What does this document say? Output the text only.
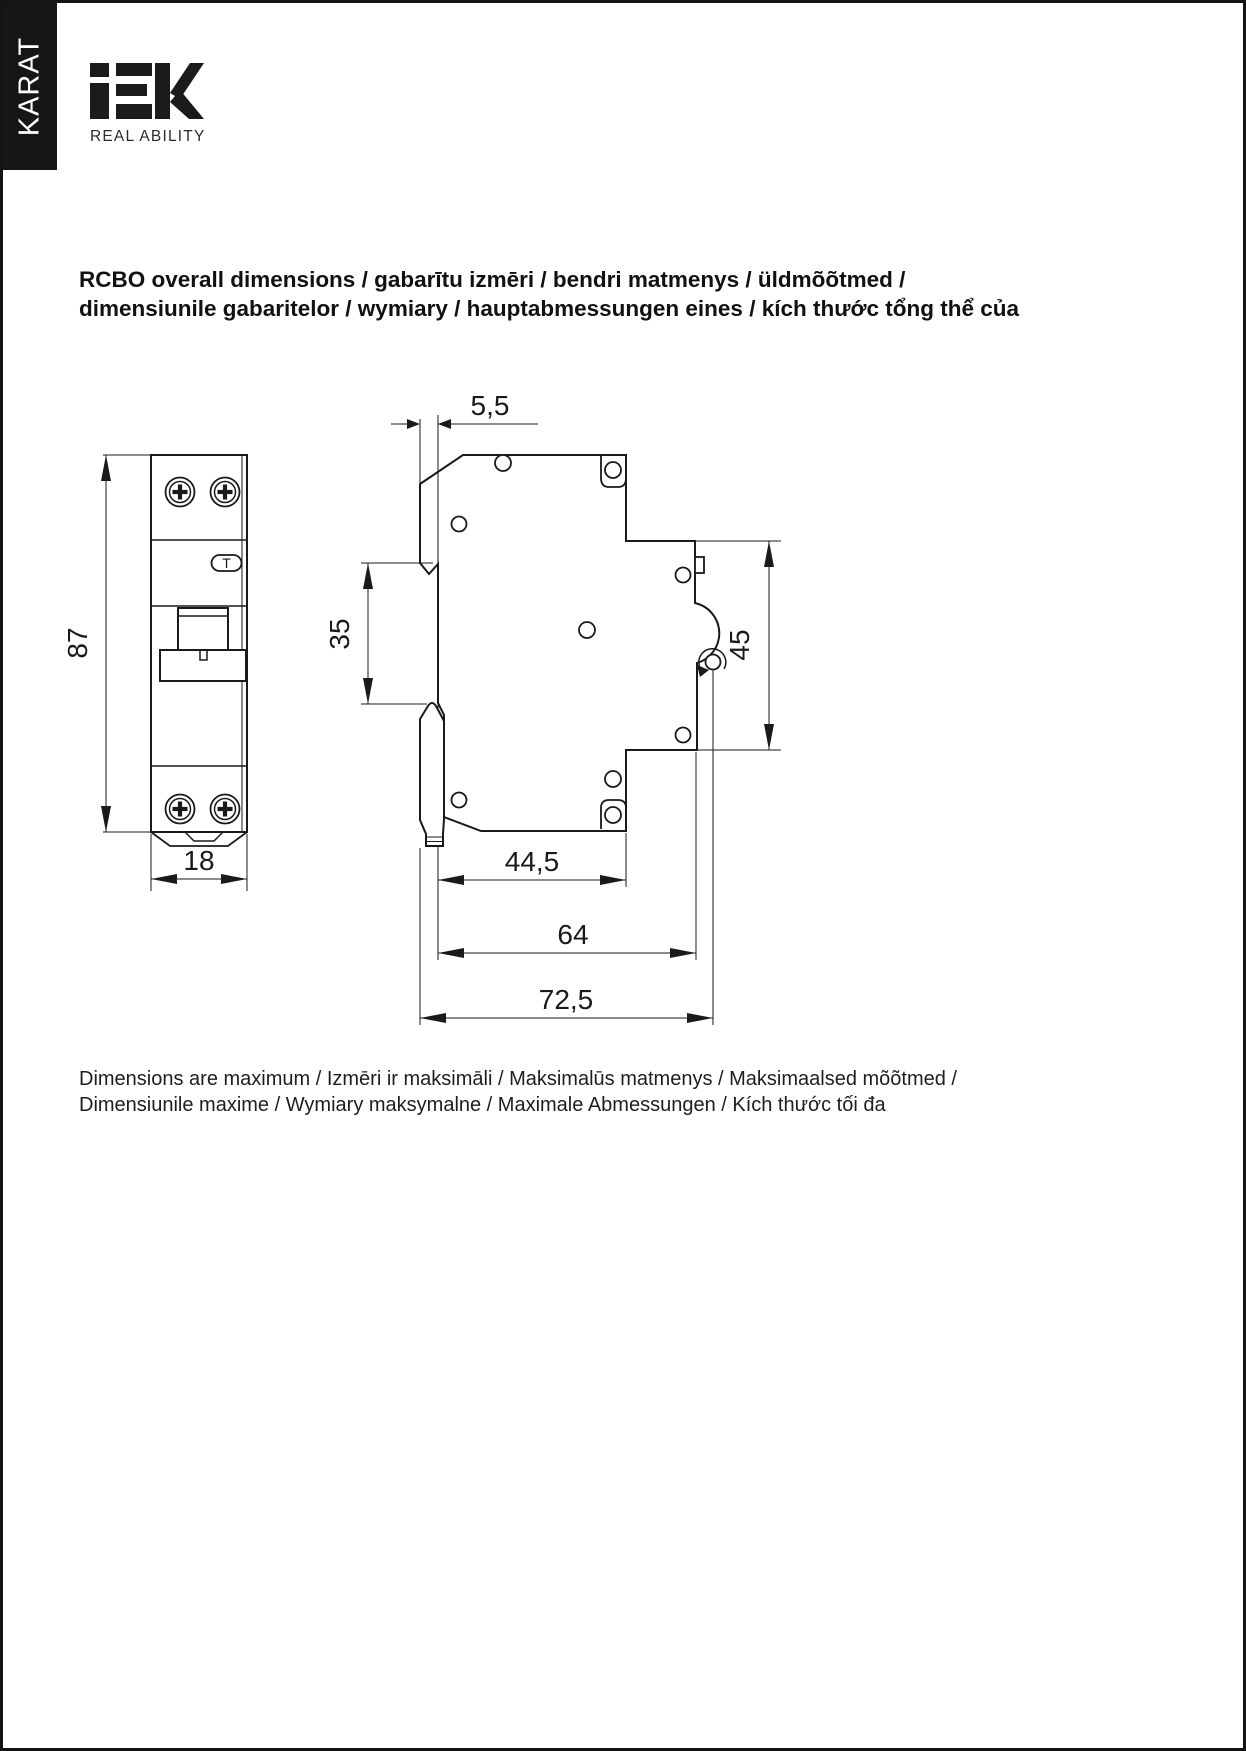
KARAT
REAL ABILITY
RCBO overall dimensions / gabarītu izmēri / bendri matmenys / üldmõõtmed /
dimensiunile gabaritelor / wymiary / hauptabmessungen eines / kích thước tổng thể của
T
87
18
5,5
35	45
44,5
64
72,5
Dimensions are maximum / Izmēri ir maksimāli / Maksimalūs matmenys / Maksimaalsed mõõtmed /
Dimensiunile maxime / Wymiary maksymalne / Maximale Abmessungen / Kích thước tối đa
